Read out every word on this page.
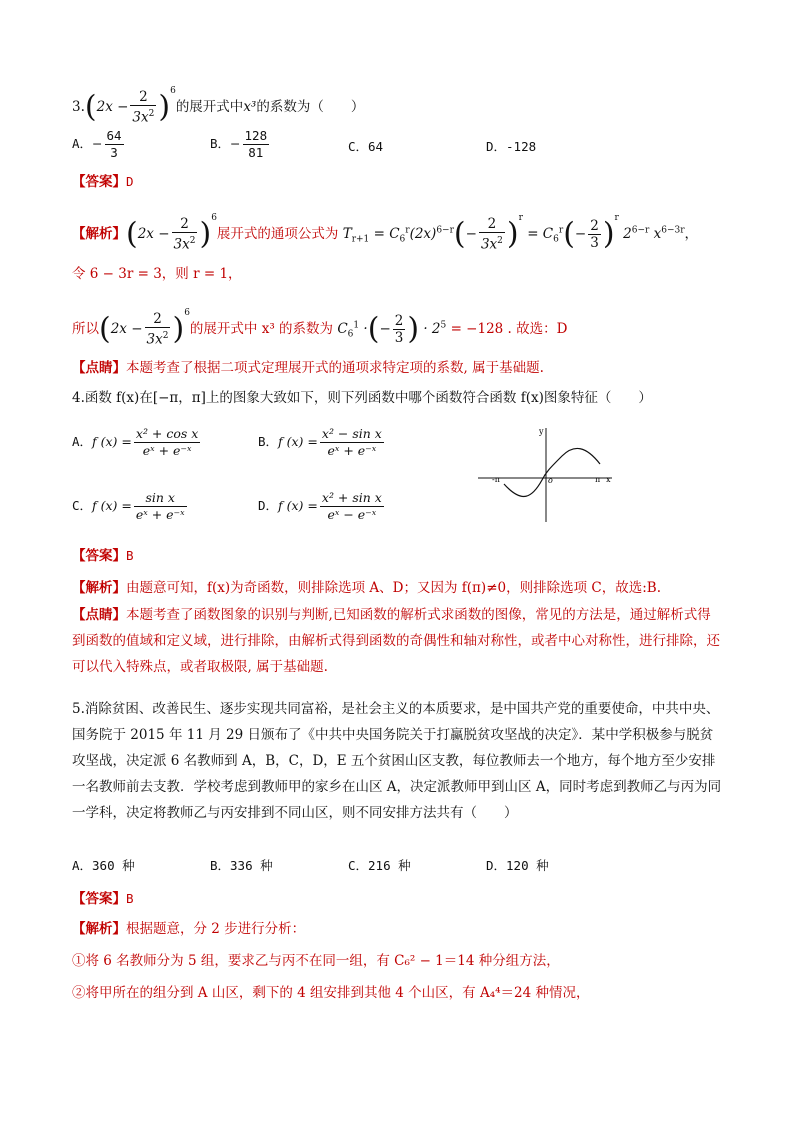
$3.(2x - \frac{2}{3x^2} )^6$的展开式中x³的系数为（　　）
A．− $\frac{64}{3}$	B．− $\frac{128}{81}$	C．64	D．-128
【答案】D
【解析】$(2x - \frac{2}{3x^2} )^6$展开式的通项公式为 $T_{r+1} = C_6^r(2x)^{6-r}(- \frac{2}{3x^2} )^r = C_6^r(- \frac{2}{3} )^r$ $2^{6-r}$ $x^{6-3r}$，
令 6 − 3r = 3，则 r = 1，
所以$(2x - \frac{2}{3x^2} )^6$的展开式中 x³ 的系数为 $C_6^1$ ·(− $\frac{2}{3}$ ) · $2^5 = -128$ . 故选：D
【点睛】本题考查了根据二项式定理展开式的通项求特定项的系数, 属于基础题.
4.函数 f(x)在[−π，π]上的图象大致如下，则下列函数中哪个函数符合函数 f(x)图象特征（　　）
A．f $(x) = \frac{\text{x² + cos x}}{\text{eˣ + e⁻ˣ}}$	B．f $(x) = \frac{\text{x² − sin x}}{\text{eˣ + e⁻ˣ}}$
C．f $(x) = \frac{\text{sin x}}{\text{eˣ + e⁻ˣ}}$	D．f $(x) = \frac{\text{x² + sin x}}{\text{eˣ − e⁻ˣ}}$
y
x
-π	o	π
【答案】B
【解析】由题意可知，f(x)为奇函数，则排除选项 A、D；又因为 f(π)≠0，则排除选项 C，故选:B.
【点睛】本题考查了函数图象的识别与判断,已知函数的解析式求函数的图像，常见的方法是，通过解析式得到函数的值域和定义域，进行排除，由解析式得到函数的奇偶性和轴对称性，或者中心对称性，进行排除，还可以代入特殊点，或者取极限, 属于基础题.
5.消除贫困、改善民生、逐步实现共同富裕，是社会主义的本质要求，是中国共产党的重要使命，中共中央、国务院于 2015 年 11 月 29 日颁布了《中共中央国务院关于打赢脱贫攻坚战的决定》．某中学积极参与脱贫攻坚战，决定派 6 名教师到 A，B，C，D，E 五个贫困山区支教，每位教师去一个地方，每个地方至少安排一名教师前去支教．学校考虑到教师甲的家乡在山区 A，决定派教师甲到山区 A，同时考虑到教师乙与丙为同一学科，决定将教师乙与丙安排到不同山区，则不同安排方法共有（　　）
A．360 种	B．336 种	C．216 种	D．120 种
【答案】B
【解析】根据题意，分 2 步进行分析：
①将 6 名教师分为 5 组，要求乙与丙不在同一组，有 C₆² − 1＝14 种分组方法，
②将甲所在的组分到 A 山区，剩下的 4 组安排到其他 4 个山区，有 A₄⁴＝24 种情况，
